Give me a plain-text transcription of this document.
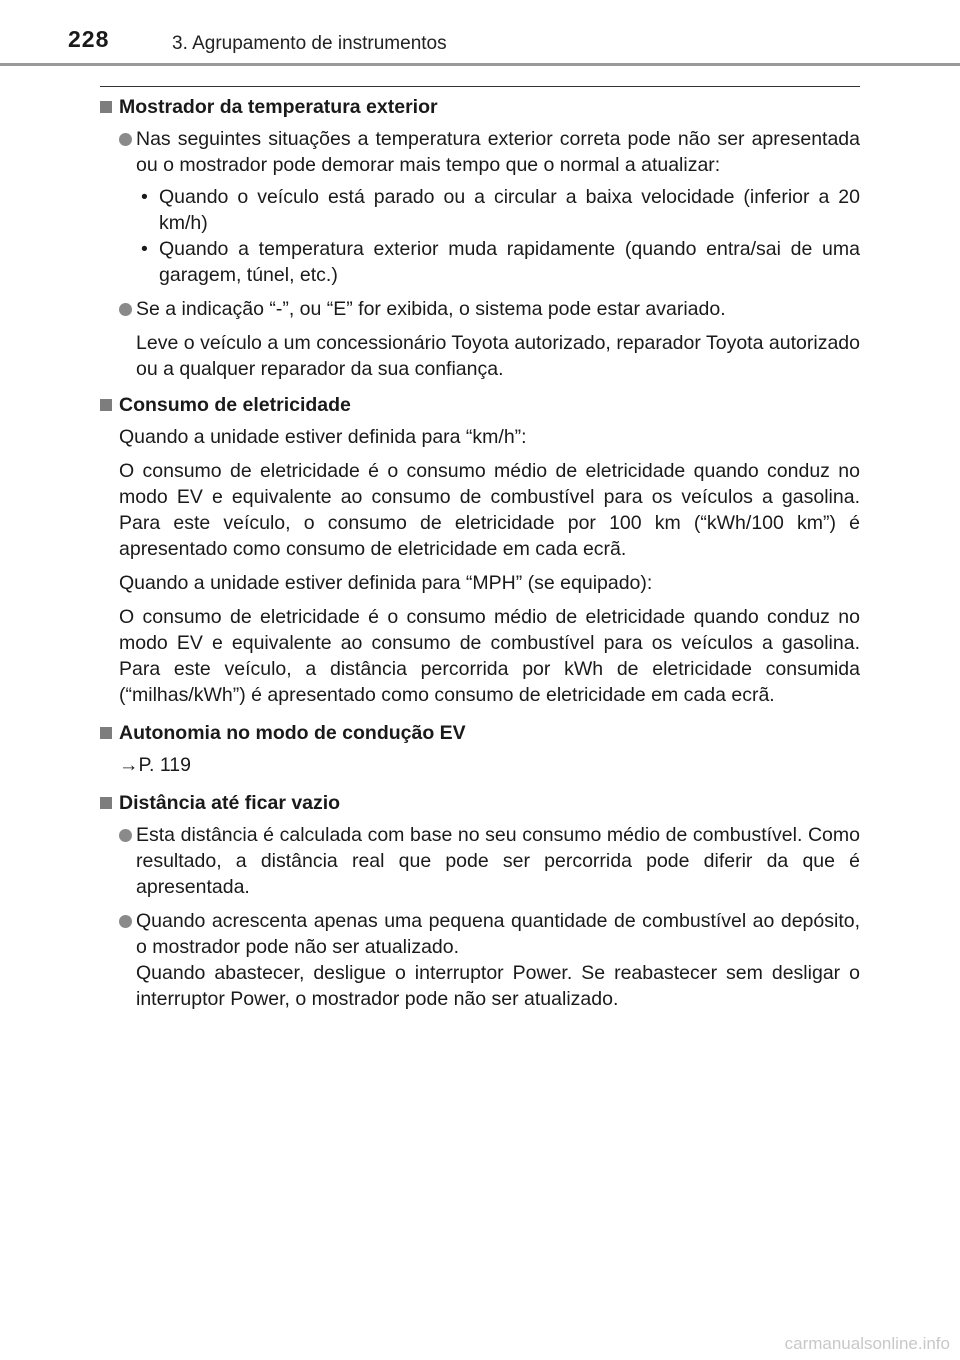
228	3. Agrupamento de instrumentos
Mostrador da temperatura exterior
Nas seguintes situações a temperatura exterior correta pode não ser apresentada ou o mostrador pode demorar mais tempo que o normal a atualizar:
• Quando o veículo está parado ou a circular a baixa velocidade (inferior a 20 km/h)
• Quando a temperatura exterior muda rapidamente (quando entra/sai de uma garagem, túnel, etc.)
Se a indicação “-”, ou “E” for exibida, o sistema pode estar avariado.
Leve o veículo a um concessionário Toyota autorizado, reparador Toyota autorizado ou a qualquer reparador da sua confiança.
Consumo de eletricidade
Quando a unidade estiver definida para “km/h”:
O consumo de eletricidade é o consumo médio de eletricidade quando conduz no modo EV e equivalente ao consumo de combustível para os veículos a gasolina. Para este veículo, o consumo de eletricidade por 100 km (“kWh/100 km”) é apresentado como consumo de eletricidade em cada ecrã.
Quando a unidade estiver definida para “MPH” (se equipado):
O consumo de eletricidade é o consumo médio de eletricidade quando conduz no modo EV e equivalente ao consumo de combustível para os veículos a gasolina. Para este veículo, a distância percorrida por kWh de eletricidade consumida (“milhas/kWh”) é apresentado como consumo de eletricidade em cada ecrã.
Autonomia no modo de condução EV
→P. 119
Distância até ficar vazio
Esta distância é calculada com base no seu consumo médio de combustível. Como resultado, a distância real que pode ser percorrida pode diferir da que é apresentada.
Quando acrescenta apenas uma pequena quantidade de combustível ao depósito, o mostrador pode não ser atualizado.
Quando abastecer, desligue o interruptor Power. Se reabastecer sem desligar o interruptor Power, o mostrador pode não ser atualizado.
carmanualsonline.info
